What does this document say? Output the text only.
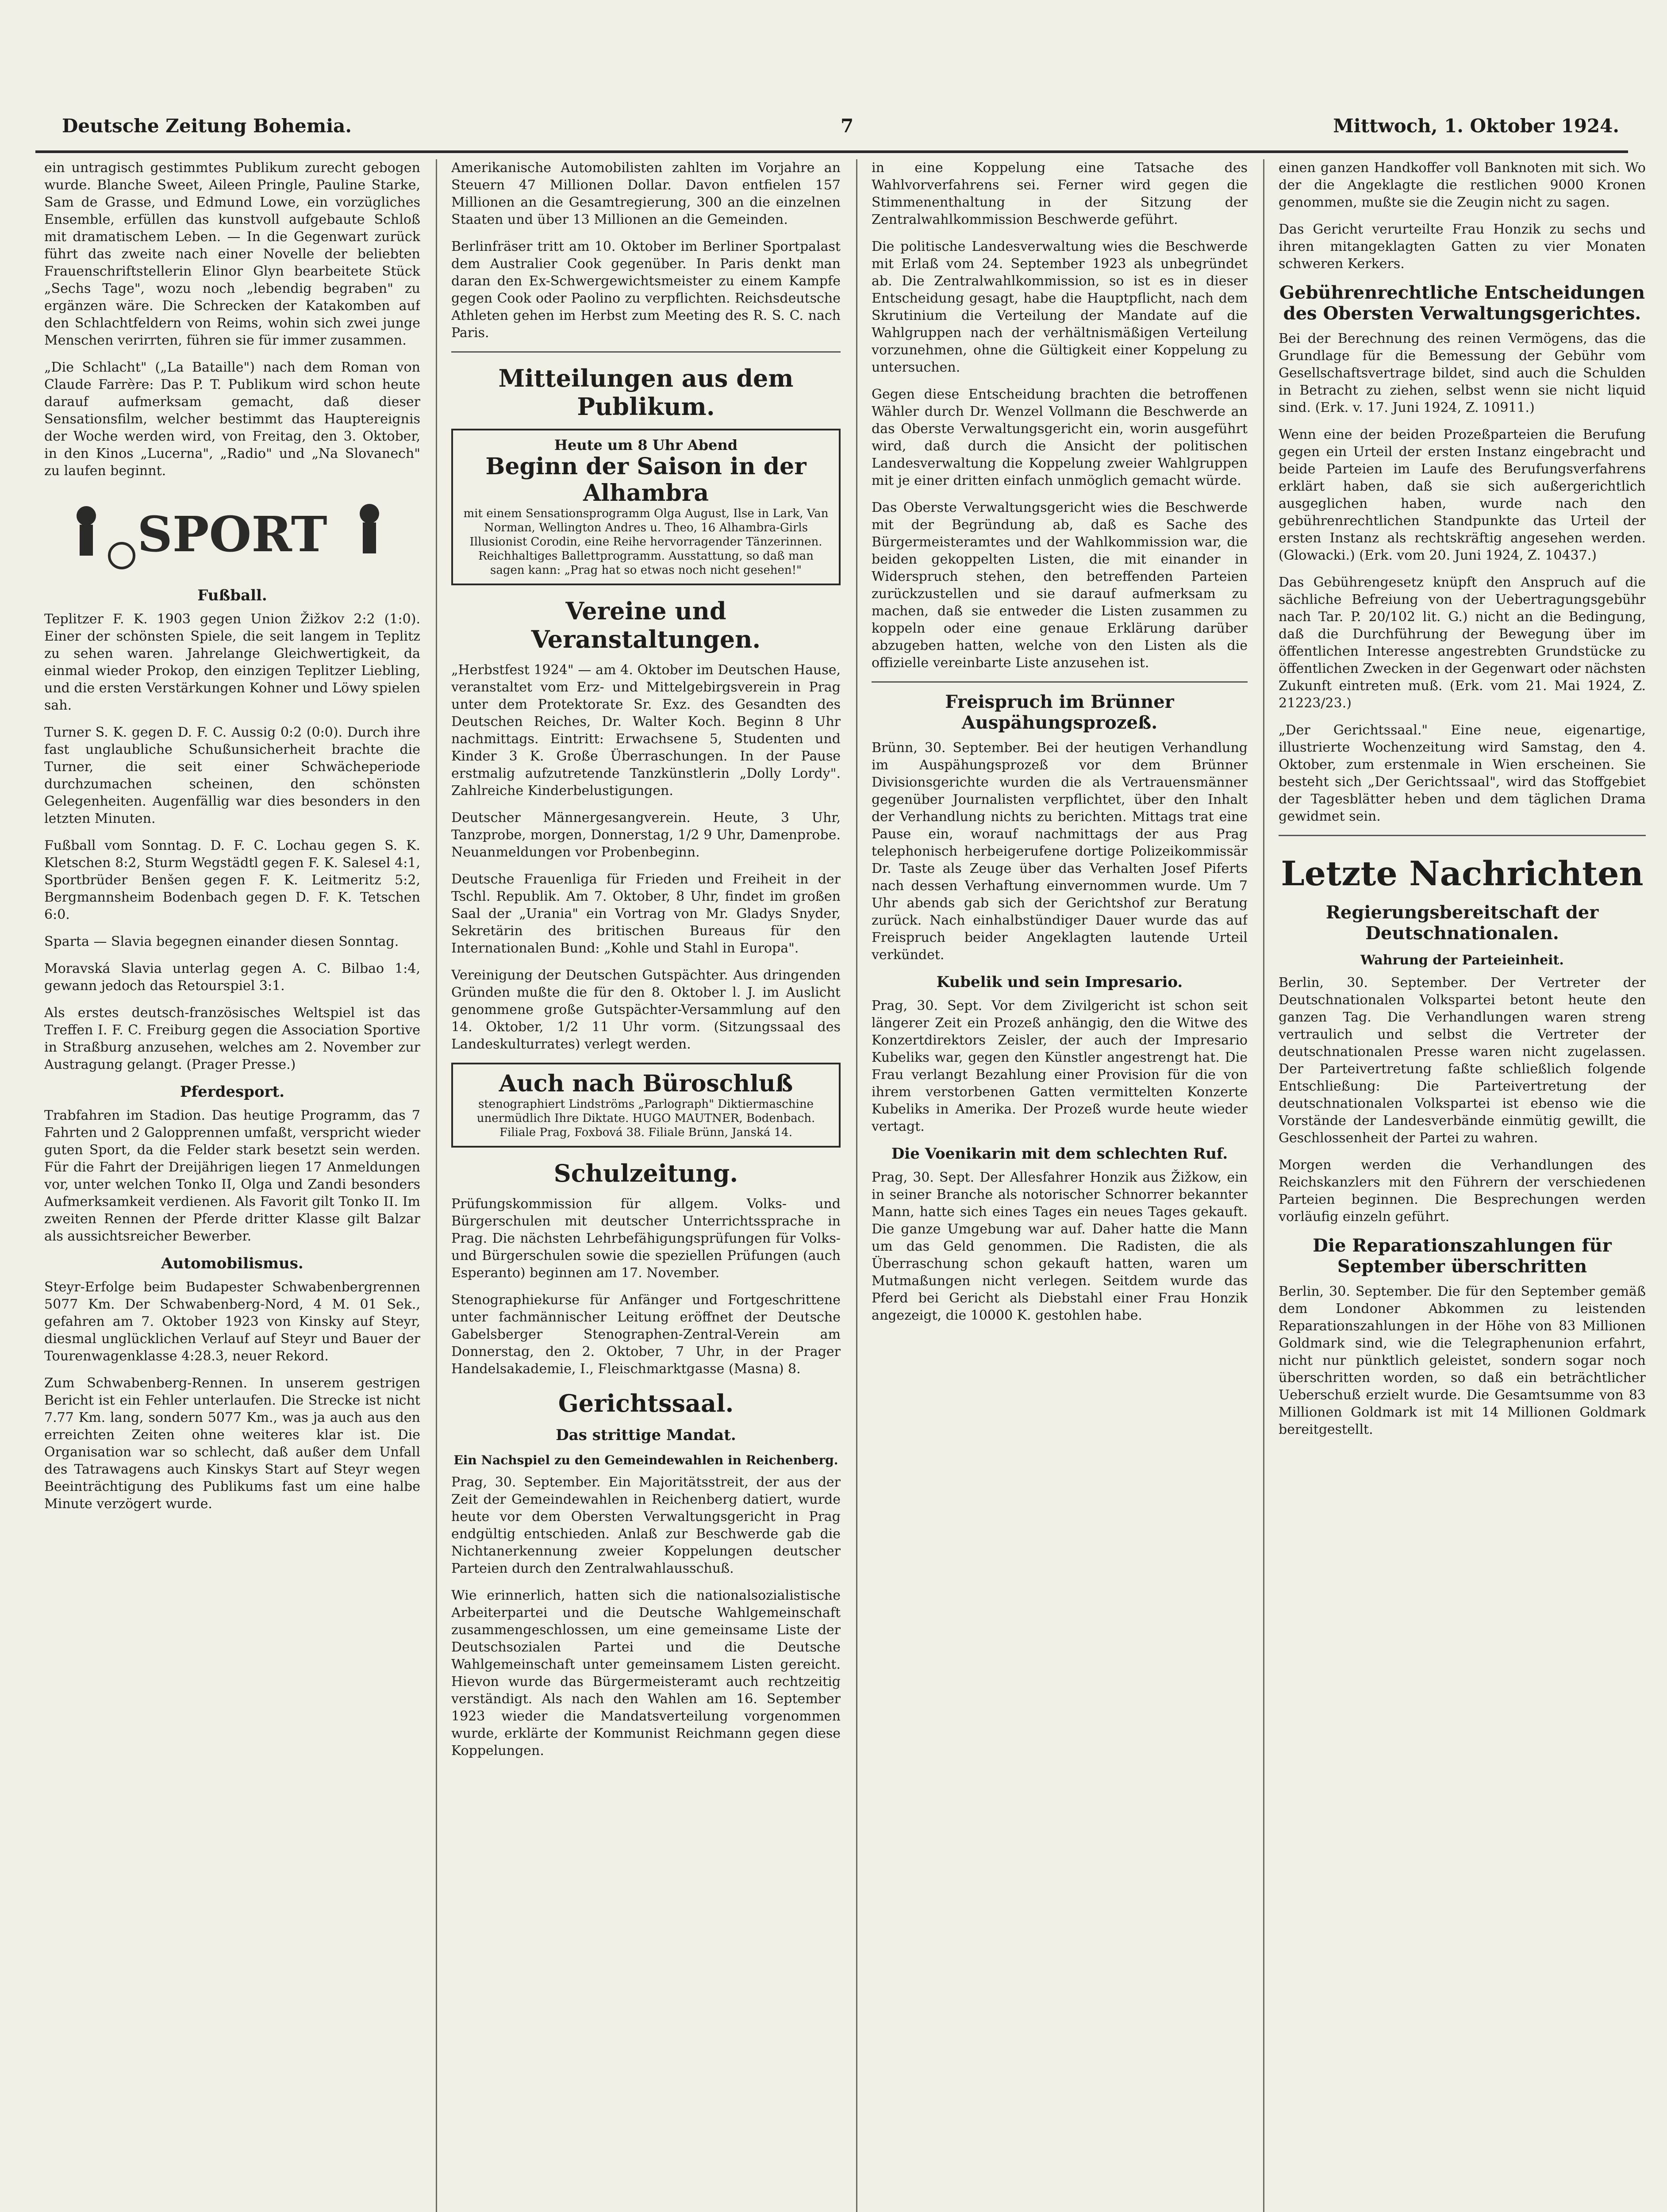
Deutsche Zeitung Bohemia.	7	Mittwoch, 1. Oktober 1924.

ein untragisch gestimmtes Publikum zurecht gebogen wurde. Blanche Sweet, Aileen Pringle, Pauline Starke, Sam de Grasse, und Edmund Lowe, ein vorzügliches Ensemble, erfüllen das kunstvoll aufgebaute Schloß mit dramatischem Leben. — In die Gegenwart zurück führt das zweite nach einer Novelle der beliebten Frauenschriftstellerin Elinor Glyn bearbeitete Stück „Sechs Tage", wozu noch „lebendig begraben" zu ergänzen wäre. Die Schrecken der Katakomben auf den Schlachtfeldern von Reims, wohin sich zwei junge Menschen verirrten, führen sie für immer zusammen.

„Die Schlacht" („La Bataille") nach dem Roman von Claude Farrère: Das P. T. Publikum wird schon heute darauf aufmerksam gemacht, daß dieser Sensationsfilm, welcher bestimmt das Hauptereignis der Woche werden wird, von Freitag, den 3. Oktober, in den Kinos „Lucerna", „Radio" und „Na Slovanech" zu laufen beginnt.

SPORT
Fußball.

Teplitzer F. K. 1903 gegen Union Žižkov 2:2 (1:0). Einer der schönsten Spiele, die seit langem in Teplitz zu sehen waren. Jahrelange Gleichwertigkeit, da einmal wieder Prokop, den einzigen Teplitzer Liebling, und die ersten Verstärkungen Kohner und Löwy spielen sah.

Turner S. K. gegen D. F. C. Aussig 0:2 (0:0). Durch ihre fast unglaubliche Schußunsicherheit brachte die Turner, die seit einer Schwächeperiode durchzumachen scheinen, den schönsten Gelegenheiten. Augenfällig war dies besonders in den letzten Minuten.

Fußball vom Sonntag. D. F. C. Lochau gegen S. K. Kletschen 8:2, Sturm Wegstädtl gegen F. K. Salesel 4:1, Sportbrüder Benšen gegen F. K. Leitmeritz 5:2, Bergmannsheim Bodenbach gegen D. F. K. Tetschen 6:0.

Sparta — Slavia begegnen einander diesen Sonntag.

Moravská Slavia unterlag gegen A. C. Bilbao 1:4, gewann jedoch das Retourspiel 3:1.

Als erstes deutsch-französisches Weltspiel ist das Treffen I. F. C. Freiburg gegen die Association Sportive in Straßburg anzusehen, welches am 2. November zur Austragung gelangt. (Prager Presse.)

Pferdesport.

Trabfahren im Stadion. Das heutige Programm, das 7 Fahrten und 2 Galopprennen umfaßt, verspricht wieder guten Sport, da die Felder stark besetzt sein werden. Für die Fahrt der Dreijährigen liegen 17 Anmeldungen vor, unter welchen Tonko II, Olga und Zandi besonders Aufmerksamkeit verdienen. Als Favorit gilt Tonko II. Im zweiten Rennen der Pferde dritter Klasse gilt Balzar als aussichtsreicher Bewerber.

Automobilismus.

Steyr-Erfolge beim Budapester Schwabenbergrennen 5077 Km. Der Schwabenberg-Nord, 4 M. 01 Sek., gefahren am 7. Oktober 1923 von Kinsky auf Steyr, diesmal unglücklichen Verlauf auf Steyr und Bauer der Tourenwagenklasse 4:28.3, neuer Rekord.

Zum Schwabenberg-Rennen. In unserem gestrigen Bericht ist ein Fehler unterlaufen. Die Strecke ist nicht 7.77 Km. lang, sondern 5077 Km., was ja auch aus den erreichten Zeiten ohne weiteres klar ist. Die Organisation war so schlecht, daß außer dem Unfall des Tatrawagens auch Kinskys Start auf Steyr wegen Beeinträchtigung des Publikums fast um eine halbe Minute verzögert wurde.

Amerikanische Automobilisten zahlten im Vorjahre an Steuern 47 Millionen Dollar. Davon entfielen 157 Millionen an die Gesamtregierung, 300 an die einzelnen Staaten und über 13 Millionen an die Gemeinden.

Berlinfräser tritt am 10. Oktober im Berliner Sportpalast dem Australier Cook gegenüber. In Paris denkt man daran den Ex-Schwergewichtsmeister zu einem Kampfe gegen Cook oder Paolino zu verpflichten. Reichsdeutsche Athleten gehen im Herbst zum Meeting des R. S. C. nach Paris.

Mitteilungen aus dem Publikum.
Heute um 8 Uhr Abend
Beginn der Saison in der Alhambra
mit einem Sensationsprogramm Olga August, Ilse in Lark, Van Norman, Wellington Andres u. Theo, 16 Alhambra-Girls Illusionist Corodin, eine Reihe hervorragender Tänzerinnen. Reichhaltiges Ballettprogramm. Ausstattung, so daß man sagen kann: „Prag hat so etwas noch nicht gesehen!"
Vereine und Veranstaltungen.

„Herbstfest 1924" — am 4. Oktober im Deutschen Hause, veranstaltet vom Erz- und Mittelgebirgsverein in Prag unter dem Protektorate Sr. Exz. des Gesandten des Deutschen Reiches, Dr. Walter Koch. Beginn 8 Uhr nachmittags. Eintritt: Erwachsene 5, Studenten und Kinder 3 K. Große Überraschungen. In der Pause erstmalig aufzutretende Tanzkünstlerin „Dolly Lordy". Zahlreiche Kinderbelustigungen.

Deutscher Männergesangverein. Heute, 3 Uhr, Tanzprobe, morgen, Donnerstag, 1/2 9 Uhr, Damenprobe. Neuanmeldungen vor Probenbeginn.

Deutsche Frauenliga für Frieden und Freiheit in der Tschl. Republik. Am 7. Oktober, 8 Uhr, findet im großen Saal der „Urania" ein Vortrag von Mr. Gladys Snyder, Sekretärin des britischen Bureaus für den Internationalen Bund: „Kohle und Stahl in Europa".

Vereinigung der Deutschen Gutspächter. Aus dringenden Gründen mußte die für den 8. Oktober l. J. im Auslicht genommene große Gutspächter-Versammlung auf den 14. Oktober, 1/2 11 Uhr vorm. (Sitzungssaal des Landeskulturrates) verlegt werden.

Auch nach Büroschluß
stenographiert Lindströms „Parlograph" Diktiermaschine unermüdlich Ihre Diktate. HUGO MAUTNER, Bodenbach. Filiale Prag, Foxbová 38. Filiale Brünn, Janská 14.
Schulzeitung.

Prüfungskommission für allgem. Volks- und Bürgerschulen mit deutscher Unterrichtssprache in Prag. Die nächsten Lehrbefähigungsprüfungen für Volks- und Bürgerschulen sowie die speziellen Prüfungen (auch Esperanto) beginnen am 17. November.

Stenographiekurse für Anfänger und Fortgeschrittene unter fachmännischer Leitung eröffnet der Deutsche Gabelsberger Stenographen-Zentral-Verein am Donnerstag, den 2. Oktober, 7 Uhr, in der Prager Handelsakademie, I., Fleischmarktgasse (Masna) 8.

Gerichtssaal.
Das strittige Mandat.
Ein Nachspiel zu den Gemeindewahlen in Reichenberg.

Prag, 30. September. Ein Majoritätsstreit, der aus der Zeit der Gemeindewahlen in Reichenberg datiert, wurde heute vor dem Obersten Verwaltungsgericht in Prag endgültig entschieden. Anlaß zur Beschwerde gab die Nichtanerkennung zweier Koppelungen deutscher Parteien durch den Zentralwahlausschuß.

Wie erinnerlich, hatten sich die nationalsozialistische Arbeiterpartei und die Deutsche Wahlgemeinschaft zusammengeschlossen, um eine gemeinsame Liste der Deutschsozialen Partei und die Deutsche Wahlgemeinschaft unter gemeinsamem Listen gereicht. Hievon wurde das Bürgermeisteramt auch rechtzeitig verständigt. Als nach den Wahlen am 16. September 1923 wieder die Mandatsverteilung vorgenommen wurde, erklärte der Kommunist Reichmann gegen diese Koppelungen.

in eine Koppelung eine Tatsache des Wahlvorverfahrens sei. Ferner wird gegen die Stimmenenthaltung in der Sitzung der Zentralwahlkommission Beschwerde geführt.

Die politische Landesverwaltung wies die Beschwerde mit Erlaß vom 24. September 1923 als unbegründet ab. Die Zentralwahlkommission, so ist es in dieser Entscheidung gesagt, habe die Hauptpflicht, nach dem Skrutinium die Verteilung der Mandate auf die Wahlgruppen nach der verhältnismäßigen Verteilung vorzunehmen, ohne die Gültigkeit einer Koppelung zu untersuchen.

Gegen diese Entscheidung brachten die betroffenen Wähler durch Dr. Wenzel Vollmann die Beschwerde an das Oberste Verwaltungsgericht ein, worin ausgeführt wird, daß durch die Ansicht der politischen Landesverwaltung die Koppelung zweier Wahlgruppen mit je einer dritten einfach unmöglich gemacht würde.

Das Oberste Verwaltungsgericht wies die Beschwerde mit der Begründung ab, daß es Sache des Bürgermeisteramtes und der Wahlkommission war, die beiden gekoppelten Listen, die mit einander in Widerspruch stehen, den betreffenden Parteien zurückzustellen und sie darauf aufmerksam zu machen, daß sie entweder die Listen zusammen zu koppeln oder eine genaue Erklärung darüber abzugeben hatten, welche von den Listen als die offizielle vereinbarte Liste anzusehen ist.

Freispruch im Brünner Auspähungsprozeß.

Brünn, 30. September. Bei der heutigen Verhandlung im Auspähungsprozeß vor dem Brünner Divisionsgerichte wurden die als Vertrauensmänner gegenüber Journalisten verpflichtet, über den Inhalt der Verhandlung nichts zu berichten. Mittags trat eine Pause ein, worauf nachmittags der aus Prag telephonisch herbeigerufene dortige Polizeikommissär Dr. Taste als Zeuge über das Verhalten Josef Piferts nach dessen Verhaftung einvernommen wurde. Um 7 Uhr abends gab sich der Gerichtshof zur Beratung zurück. Nach einhalbstündiger Dauer wurde das auf Freispruch beider Angeklagten lautende Urteil verkündet.

Kubelik und sein Impresario.

Prag, 30. Sept. Vor dem Zivilgericht ist schon seit längerer Zeit ein Prozeß anhängig, den die Witwe des Konzertdirektors Zeisler, der auch der Impresario Kubeliks war, gegen den Künstler angestrengt hat. Die Frau verlangt Bezahlung einer Provision für die von ihrem verstorbenen Gatten vermittelten Konzerte Kubeliks in Amerika. Der Prozeß wurde heute wieder vertagt.

Die Voenikarin mit dem schlechten Ruf.

Prag, 30. Sept. Der Allesfahrer Honzik aus Žižkow, ein in seiner Branche als notorischer Schnorrer bekannter Mann, hatte sich eines Tages ein neues Tages gekauft. Die ganze Umgebung war auf. Daher hatte die Mann um das Geld genommen. Die Radisten, die als Überraschung schon gekauft hatten, waren um Mutmaßungen nicht verlegen. Seitdem wurde das Pferd bei Gericht als Diebstahl einer Frau Honzik angezeigt, die 10000 K. gestohlen habe.

einen ganzen Handkoffer voll Banknoten mit sich. Wo der die Angeklagte die restlichen 9000 Kronen genommen, mußte sie die Zeugin nicht zu sagen.

Das Gericht verurteilte Frau Honzik zu sechs und ihren mitangeklagten Gatten zu vier Monaten schweren Kerkers.

Gebührenrechtliche Entscheidungen des Obersten Verwaltungsgerichtes.

Bei der Berechnung des reinen Vermögens, das die Grundlage für die Bemessung der Gebühr vom Gesellschaftsvertrage bildet, sind auch die Schulden in Betracht zu ziehen, selbst wenn sie nicht liquid sind. (Erk. v. 17. Juni 1924, Z. 10911.)

Wenn eine der beiden Prozeßparteien die Berufung gegen ein Urteil der ersten Instanz eingebracht und beide Parteien im Laufe des Berufungsverfahrens erklärt haben, daß sie sich außergerichtlich ausgeglichen haben, wurde nach den gebührenrechtlichen Standpunkte das Urteil der ersten Instanz als rechtskräftig angesehen werden. (Glowacki.) (Erk. vom 20. Juni 1924, Z. 10437.)

Das Gebührengesetz knüpft den Anspruch auf die sächliche Befreiung von der Uebertragungsgebühr nach Tar. P. 20/102 lit. G.) nicht an die Bedingung, daß die Durchführung der Bewegung über im öffentlichen Interesse angestrebten Grundstücke zu öffentlichen Zwecken in der Gegenwart oder nächsten Zukunft eintreten muß. (Erk. vom 21. Mai 1924, Z. 21223/23.)

„Der Gerichtssaal." Eine neue, eigenartige, illustrierte Wochenzeitung wird Samstag, den 4. Oktober, zum erstenmale in Wien erscheinen. Sie besteht sich „Der Gerichtssaal", wird das Stoffgebiet der Tagesblätter heben und dem täglichen Drama gewidmet sein.

Letzte Nachrichten
Regierungsbereitschaft der Deutschnationalen.
Wahrung der Parteieinheit.

Berlin, 30. September. Der Vertreter der Deutschnationalen Volkspartei betont heute den ganzen Tag. Die Verhandlungen waren streng vertraulich und selbst die Vertreter der deutschnationalen Presse waren nicht zugelassen. Der Parteivertretung faßte schließlich folgende Entschließung: Die Parteivertretung der deutschnationalen Volkspartei ist ebenso wie die Vorstände der Landesverbände einmütig gewillt, die Geschlossenheit der Partei zu wahren.

Morgen werden die Verhandlungen des Reichskanzlers mit den Führern der verschiedenen Parteien beginnen. Die Besprechungen werden vorläufig einzeln geführt.

Die Reparationszahlungen für September überschritten

Berlin, 30. September. Die für den September gemäß dem Londoner Abkommen zu leistenden Reparationszahlungen in der Höhe von 83 Millionen Goldmark sind, wie die Telegraphenunion erfahrt, nicht nur pünktlich geleistet, sondern sogar noch überschritten worden, so daß ein beträchtlicher Ueberschuß erzielt wurde. Die Gesamtsumme von 83 Millionen Goldmark ist mit 14 Millionen Goldmark bereitgestellt.
